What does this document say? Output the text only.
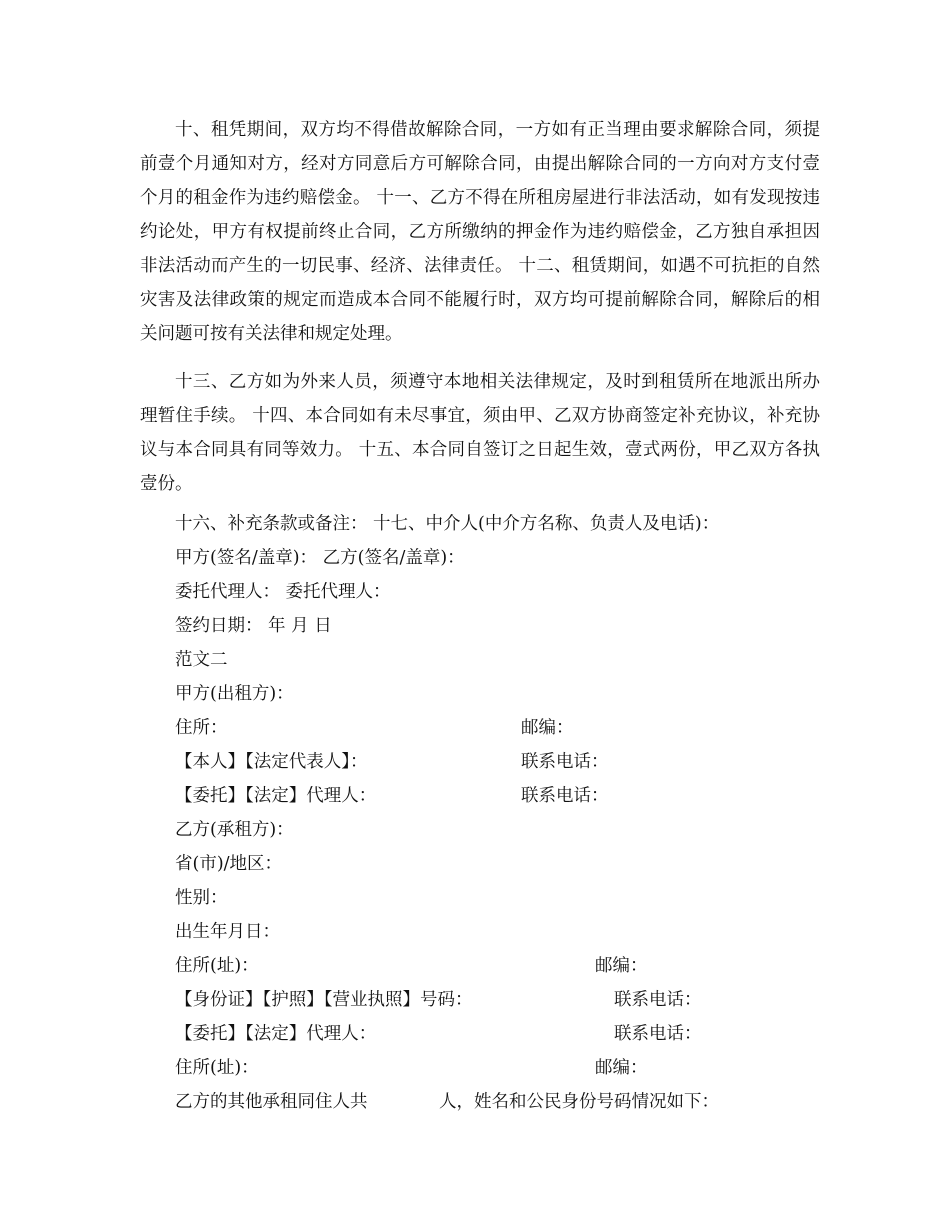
十、租凭期间，双方均不得借故解除合同，一方如有正当理由要求解除合同，须提前壹个月通知对方，经对方同意后方可解除合同，由提出解除合同的一方向对方支付壹个月的租金作为违约赔偿金。 十一、乙方不得在所租房屋进行非法活动，如有发现按违约论处，甲方有权提前终止合同，乙方所缴纳的押金作为违约赔偿金，乙方独自承担因非法活动而产生的一切民事、经济、法律责任。 十二、租赁期间，如遇不可抗拒的自然灾害及法律政策的规定而造成本合同不能履行时，双方均可提前解除合同，解除后的相关问题可按有关法律和规定处理。

十三、乙方如为外来人员，须遵守本地相关法律规定，及时到租赁所在地派出所办理暂住手续。 十四、本合同如有未尽事宜，须由甲、乙双方协商签定补充协议，补充协议与本合同具有同等效力。 十五、本合同自签订之日起生效，壹式两份，甲乙双方各执壹份。

十六、补充条款或备注： 十七、中介人(中介方名称、负责人及电话)：
甲方(签名/盖章)： 乙方(签名/盖章)：
委托代理人： 委托代理人：
签约日期： 年 月 日
范文二
甲方(出租方)：
住所：	邮编：
【本人】【法定代表人】：	联系电话：
【委托】【法定】代理人：	联系电话：
乙方(承租方)：
省(市)/地区：
性别：
出生年月日：
住所(址)：	邮编：
【身份证】【护照】【营业执照】号码：	联系电话：
【委托】【法定】代理人：	联系电话：
住所(址)：	邮编：
乙方的其他承租同住人共	人，姓名和公民身份号码情况如下：
